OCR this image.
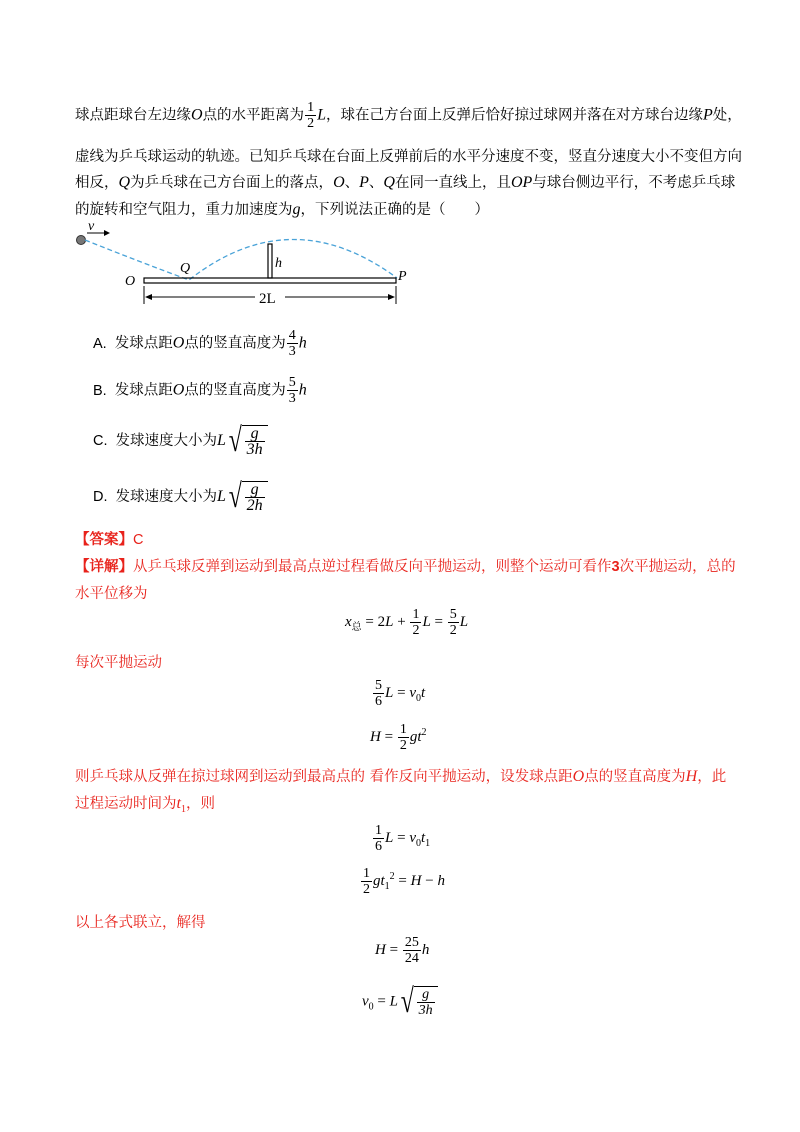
球点距球台左边缘O点的水平距离为 $\frac{1}{2}$ L，球在己方台面上反弹后恰好掠过球网并落在对方球台边缘P处，
虚线为乒乓球运动的轨迹。已知乒乓球在台面上反弹前后的水平分速度不变，竖直分速度大小不变但方向
相反，Q为乒乓球在己方台面上的落点，O、P、Q在同一直线上，且OP与球台侧边平行，不考虑乒乓球
的旋转和空气阻力，重力加速度为g，下列说法正确的是（　　）
v
h
Q
O	P
2L
A. 发球点距O点的竖直高度为 $\frac{4}{3}$ h
B. 发球点距O点的竖直高度为 $\frac{5}{3}$ h
C. 发球速度大小为L √ $\frac{g}{3h}$
D. 发球速度大小为L √ $\frac{g}{2h}$
【答案】C
【详解】从乒乓球反弹到运动到最高点逆过程看做反向平抛运动，则整个运动可看作3次平抛运动，总的
水平位移为
$x_总 = 2L + \frac{1}{2}$ $L = \frac{5}{2}$ L
每次平抛运动
$\frac{5}{6}$ $L = v_0t$
$H = \frac{1}{2} gt^2$
则乒乓球从反弹在掠过球网到运动到最高点的 看作反向平抛运动，设发球点距O点的竖直高度为H，此
过程运动时间为$t_1$，则
$\frac{1}{6}$ $L = v_0t_1$
$\frac{1}{2} gt_1^2 = H - h$
以上各式联立，解得
$H = \frac{25}{24}$ h
$v_0 = L$ √ $\frac{g}{3h}$
